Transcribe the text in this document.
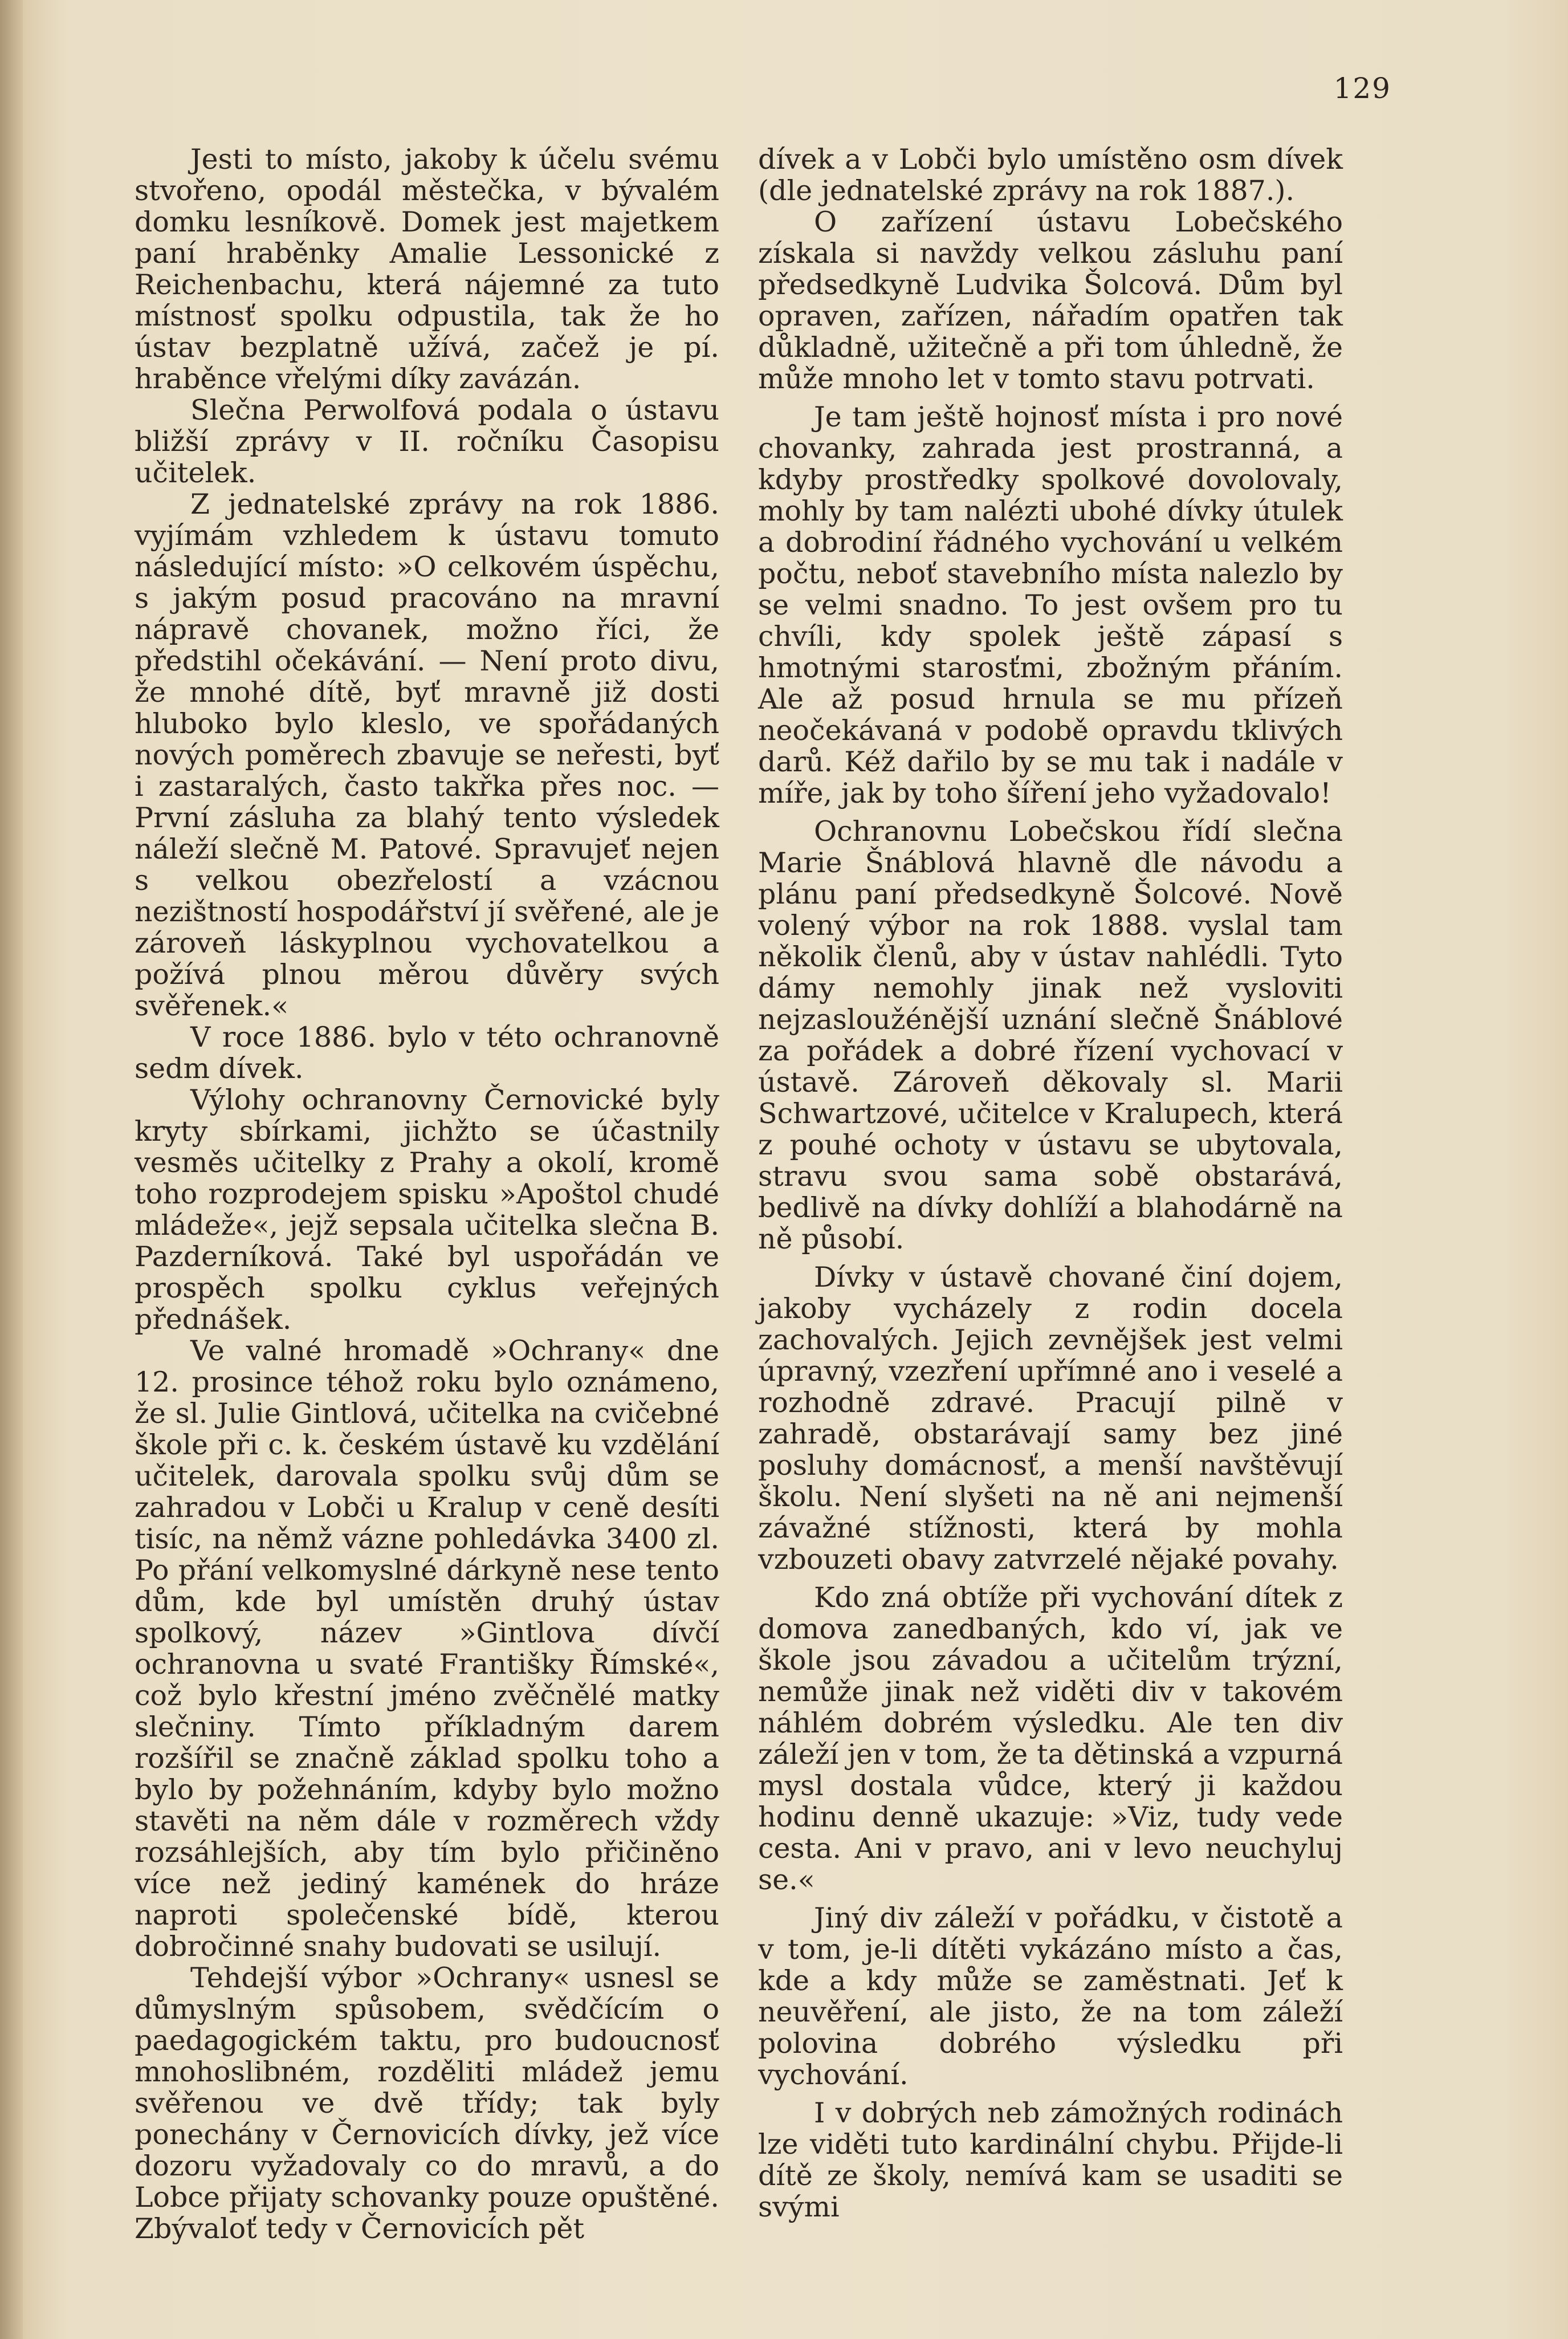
129

Jesti to místo, jakoby k účelu svému stvořeno, opodál městečka, v bývalém domku lesníkově. Domek jest majetkem paní hraběnky Amalie Lessonické z Reichenbachu, která nájemné za tuto místnosť spolku odpustila, tak že ho ústav bezplatně užívá, začež je pí. hraběnce vřelými díky zavázán.

Slečna Perwolfová podala o ústavu bližší zprávy v II. ročníku Časopisu učitelek.

Z jednatelské zprávy na rok 1886. vyjímám vzhledem k ústavu tomuto následující místo: »O celkovém úspěchu, s jakým posud pracováno na mravní nápravě chovanek, možno říci, že předstihl očekávání. — Není proto divu, že mnohé dítě, byť mravně již dosti hluboko bylo kleslo, ve spořádaných nových poměrech zbavuje se neřesti, byť i zastaralých, často takřka přes noc. — První zásluha za blahý tento výsledek náleží slečně M. Patové. Spravujeť nejen s velkou obezřelostí a vzácnou nezištností hospodářství jí svěřené, ale je zároveň láskyplnou vychovatelkou a požívá plnou měrou důvěry svých svěřenek.«

V roce 1886. bylo v této ochranovně sedm dívek.

Výlohy ochranovny Černovické byly kryty sbírkami, jichžto se účastnily vesměs učitelky z Prahy a okolí, kromě toho rozprodejem spisku »Apoštol chudé mládeže«, jejž sepsala učitelka slečna B. Pazderníková. Také byl uspořádán ve prospěch spolku cyklus veřejných přednášek.

Ve valné hromadě »Ochrany« dne 12. prosince téhož roku bylo oznámeno, že sl. Julie Gintlová, učitelka na cvičebné škole při c. k. českém ústavě ku vzdělání učitelek, darovala spolku svůj dům se zahradou v Lobči u Kralup v ceně desíti tisíc, na němž vázne pohledávka 3400 zl. Po přání velkomyslné dárkyně nese tento dům, kde byl umístěn druhý ústav spolkový, název »Gintlova dívčí ochranovna u svaté Františky Římské«, což bylo křestní jméno zvěčnělé matky slečniny. Tímto příkladným darem rozšířil se značně základ spolku toho a bylo by požehnáním, kdyby bylo možno stavěti na něm dále v rozměrech vždy rozsáhlejších, aby tím bylo přičiněno více než jediný kamének do hráze naproti společenské bídě, kterou dobročinné snahy budovati se usilují.

Tehdejší výbor »Ochrany« usnesl se důmyslným spůsobem, svědčícím o paedagogickém taktu, pro budoucnosť mnohoslibném, rozděliti mládež jemu svěřenou ve dvě třídy; tak byly ponechány v Černovicích dívky, jež více dozoru vyžadovaly co do mravů, a do Lobce přijaty schovanky pouze opuštěné. Zbývaloť tedy v Černovicích pět

dívek a v Lobči bylo umístěno osm dívek (dle jednatelské zprávy na rok 1887.).

O zařízení ústavu Lobečského získala si navždy velkou zásluhu paní předsedkyně Ludvika Šolcová. Dům byl opraven, zařízen, nářadím opatřen tak důkladně, užitečně a při tom úhledně, že může mnoho let v tomto stavu potrvati.

Je tam ještě hojnosť místa i pro nové chovanky, zahrada jest prostranná, a kdyby prostředky spolkové dovolovaly, mohly by tam nalézti ubohé dívky útulek a dobrodiní řádného vychování u velkém počtu, neboť stavebního místa nalezlo by se velmi snadno. To jest ovšem pro tu chvíli, kdy spolek ještě zápasí s hmotnými starosťmi, zbožným přáním. Ale až posud hrnula se mu přízeň neočekávaná v podobě opravdu tklivých darů. Kéž dařilo by se mu tak i nadále v míře, jak by toho šíření jeho vyžadovalo!

Ochranovnu Lobečskou řídí slečna Marie Šnáblová hlavně dle návodu a plánu paní předsedkyně Šolcové. Nově volený výbor na rok 1888. vyslal tam několik členů, aby v ústav nahlédli. Tyto dámy nemohly jinak než vysloviti nejzasloužénější uznání slečně Šnáblové za pořádek a dobré řízení vychovací v ústavě. Zároveň děkovaly sl. Marii Schwartzové, učitelce v Kralupech, která z pouhé ochoty v ústavu se ubytovala, stravu svou sama sobě obstarává, bedlivě na dívky dohlíží a blahodárně na ně působí.

Dívky v ústavě chované činí dojem, jakoby vycházely z rodin docela zachovalých. Jejich zevnějšek jest velmi úpravný, vzezření upřímné ano i veselé a rozhodně zdravé. Pracují pilně v zahradě, obstarávají samy bez jiné posluhy domácnosť, a menší navštěvují školu. Není slyšeti na ně ani nejmenší závažné stížnosti, která by mohla vzbouzeti obavy zatvrzelé nějaké povahy.

Kdo zná obtíže při vychování dítek z domova zanedbaných, kdo ví, jak ve škole jsou závadou a učitelům trýzní, nemůže jinak než viděti div v takovém náhlém dobrém výsledku. Ale ten div záleží jen v tom, že ta dětinská a vzpurná mysl dostala vůdce, který ji každou hodinu denně ukazuje: »Viz, tudy vede cesta. Ani v pravo, ani v levo neuchyluj se.«

Jiný div záleží v pořádku, v čistotě a v tom, je-li dítěti vykázáno místo a čas, kde a kdy může se zaměstnati. Jeť k neuvěření, ale jisto, že na tom záleží polovina dobrého výsledku při vychování.

I v dobrých neb zámožných rodinách lze viděti tuto kardinální chybu. Přijde-li dítě ze školy, nemívá kam se usaditi se svými
